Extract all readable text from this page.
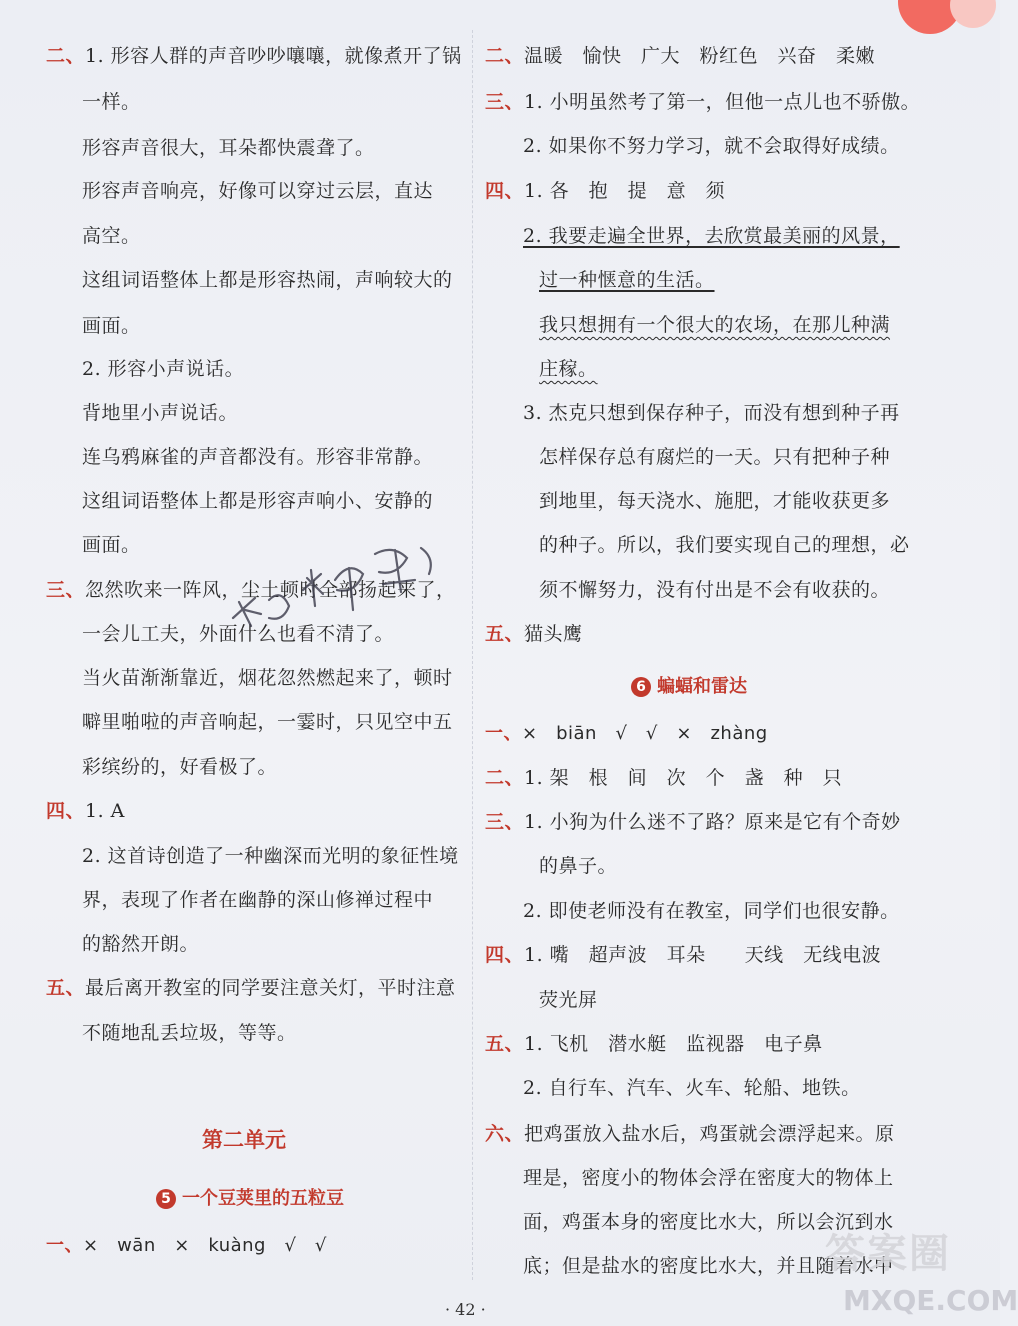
二、1. 形容人群的声音吵吵嚷嚷，就像煮开了锅
一样。
形容声音很大，耳朵都快震聋了。
形容声音响亮，好像可以穿过云层，直达
高空。
这组词语整体上都是形容热闹，声响较大的
画面。
2. 形容小声说话。
背地里小声说话。
连乌鸦麻雀的声音都没有。形容非常静。
这组词语整体上都是形容声响小、安静的
画面。
三、忽然吹来一阵风，尘土顿时全部扬起来了，
一会儿工夫，外面什么也看不清了。
当火苗渐渐靠近，烟花忽然燃起来了，顿时
噼里啪啦的声音响起，一霎时，只见空中五
彩缤纷的，好看极了。
四、1. A
2. 这首诗创造了一种幽深而光明的象征性境
界，表现了作者在幽静的深山修禅过程中
的豁然开朗。
五、最后离开教室的同学要注意关灯，平时注意
不随地乱丢垃圾，等等。
第二单元
5 一个豆荚里的五粒豆
一、×　wān　×　kuàng　√　√
二、温暖　愉快　广大　粉红色　兴奋　柔嫩
三、1. 小明虽然考了第一，但他一点儿也不骄傲。
2. 如果你不努力学习，就不会取得好成绩。
四、1. 各　抱　提　意　须
2. 我要走遍全世界，去欣赏最美丽的风景，
过一种惬意的生活。
我只想拥有一个很大的农场，在那儿种满
庄稼。
3. 杰克只想到保存种子，而没有想到种子再
怎样保存总有腐烂的一天。只有把种子种
到地里，每天浇水、施肥，才能收获更多
的种子。所以，我们要实现自己的理想，必
须不懈努力，没有付出是不会有收获的。
五、猫头鹰
6 蝙蝠和雷达
一、×　biān　√　√　×　zhàng
二、1. 架　根　间　次　个　盏　种　只
三、1. 小狗为什么迷不了路？原来是它有个奇妙
的鼻子。
2. 即使老师没有在教室，同学们也很安静。
四、1. 嘴　超声波　耳朵　　天线　无线电波
荧光屏
五、1. 飞机　潜水艇　监视器　电子鼻
2. 自行车、汽车、火车、轮船、地铁。
六、把鸡蛋放入盐水后，鸡蛋就会漂浮起来。原
理是，密度小的物体会浮在密度大的物体上
面，鸡蛋本身的密度比水大，所以会沉到水
底；但是盐水的密度比水大，并且随着水中
· 42 ·
答案圈
MXQE.COM
